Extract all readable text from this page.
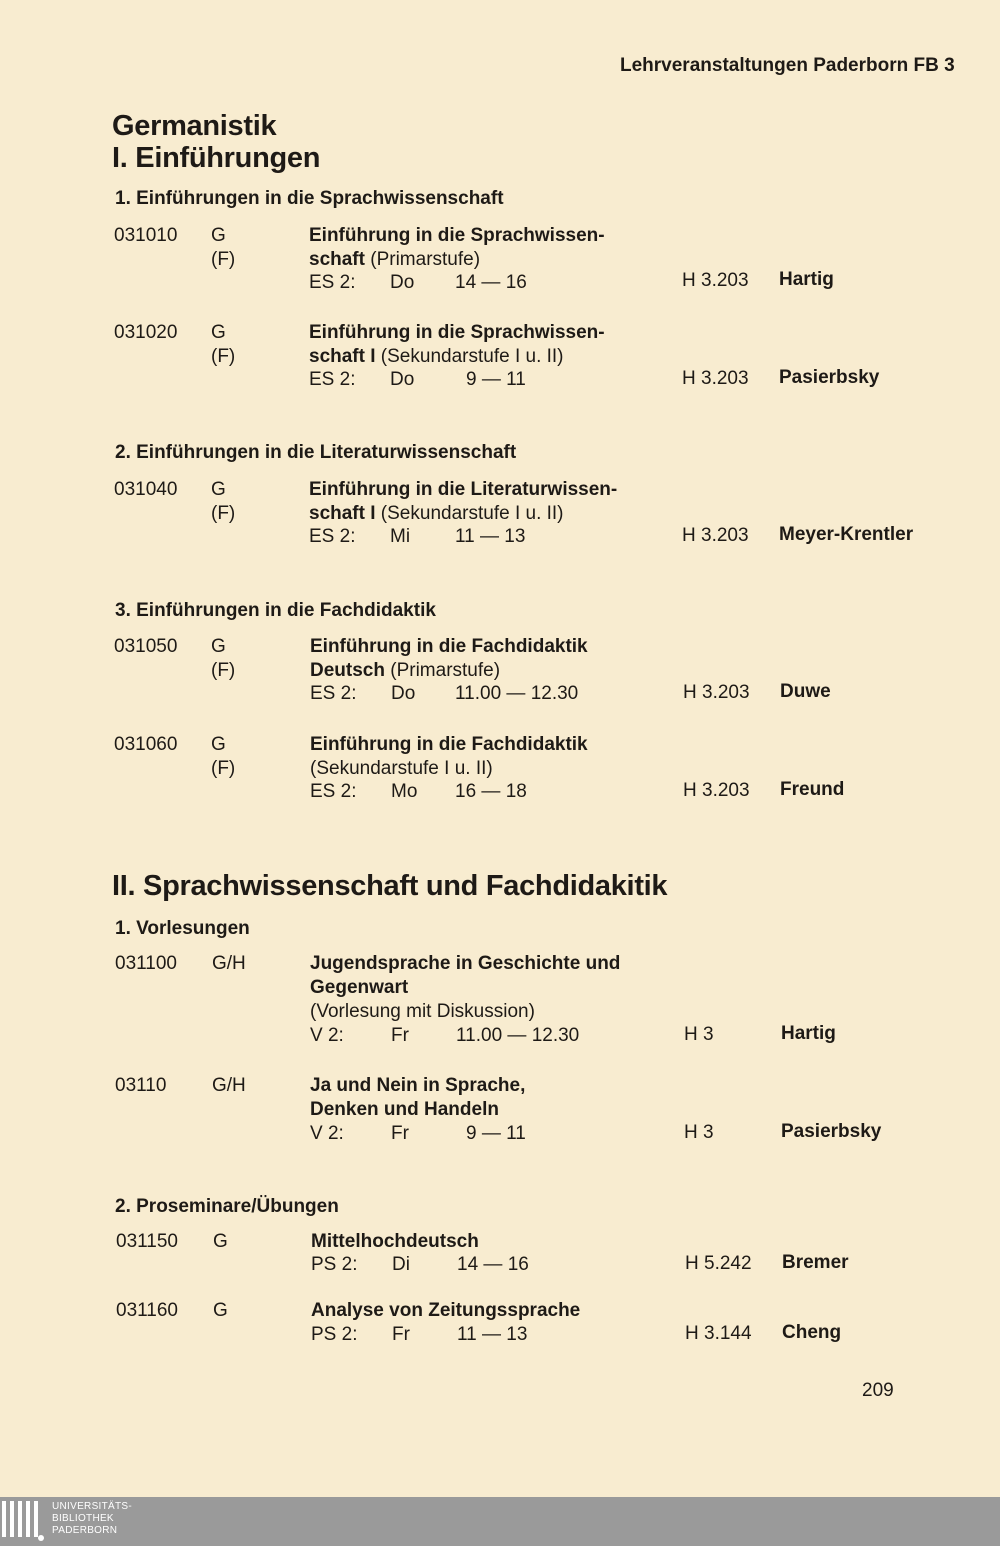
Lehrveranstaltungen Paderborn FB 3
Germanistik
I. Einführungen
1. Einführungen in die Sprachwissenschaft
2. Einführungen in die Literaturwissenschaft
3. Einführungen in die Fachdidaktik
II. Sprachwissenschaft und Fachdidakitik
1. Vorlesungen
2. Proseminare/Übungen
031010 G
(F)
Einführung in die Sprachwissen-
schaft (Primarstufe)
ES 2: Do 14 — 16	H 3.203 Hartig
031020 G
(F)
Einführung in die Sprachwissen-
schaft I (Sekundarstufe I u. II)
ES 2: Do	9 — 11	H 3.203 Pasierbsky
031040 G
(F)
Einführung in die Literaturwissen-
schaft I (Sekundarstufe I u. II)
ES 2: Mi 11 — 13	H 3.203 Meyer-Krentler
031050 G
(F)
Einführung in die Fachdidaktik
Deutsch (Primarstufe)
ES 2: Do 11.00 — 12.30	H 3.203 Duwe
031060 G
(F)
Einführung in die Fachdidaktik
(Sekundarstufe I u. II)
ES 2: Mo 16 — 18	H 3.203 Freund
031100 G/H	Jugendsprache in Geschichte und
Gegenwart
(Vorlesung mit Diskussion)
V 2: Fr 11.00 — 12.30	H 3	Hartig
03110 G/H	Ja und Nein in Sprache,
Denken und Handeln
V 2: Fr	9 — 11	H 3	Pasierbsky
031150 G	Mittelhochdeutsch
PS 2: Di 14 — 16	H 5.242 Bremer
031160 G	Analyse von Zeitungssprache
PS 2: Fr 11 — 13	H 3.144 Cheng
209
UNIVERSITÄTS-
BIBLIOTHEK
PADERBORN
